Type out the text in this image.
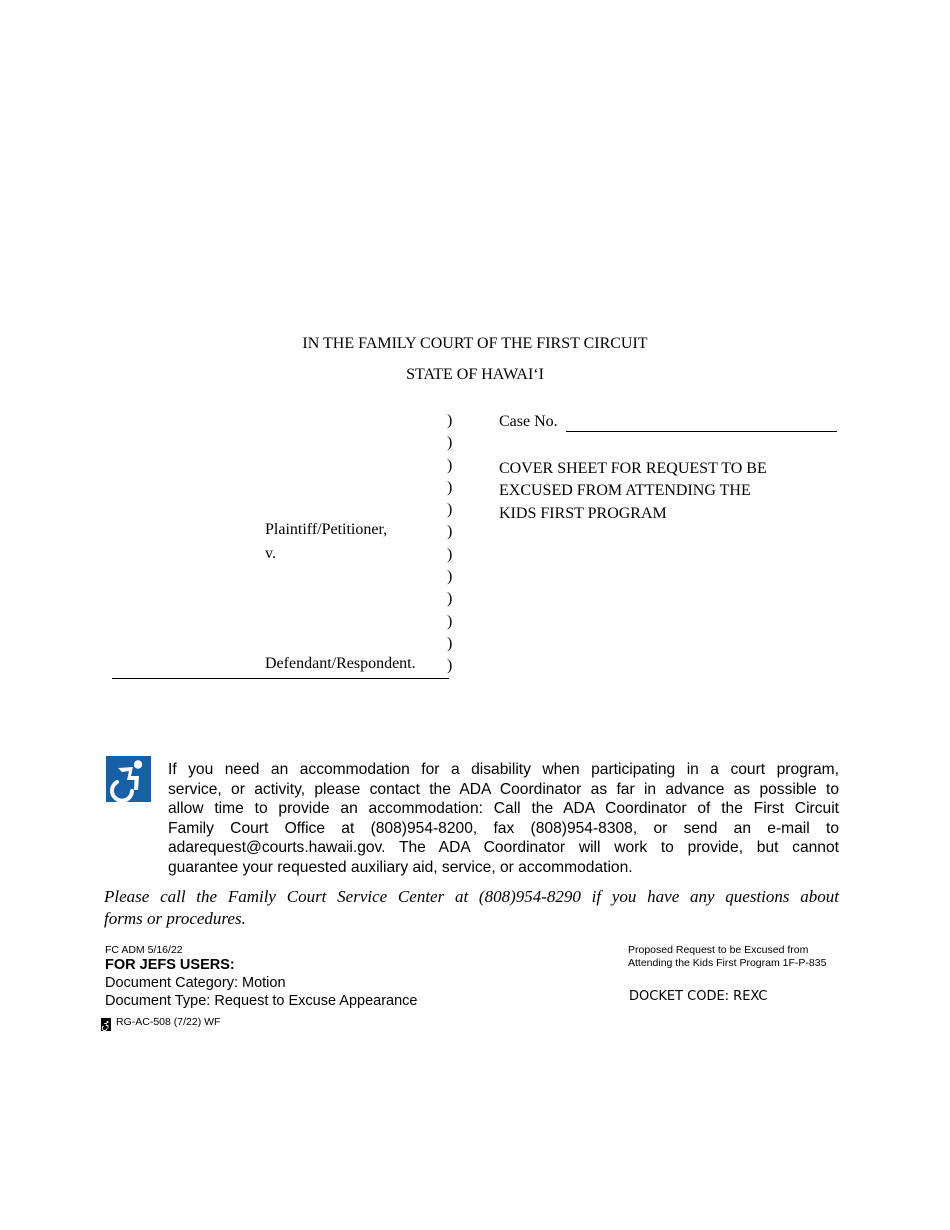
IN THE FAMILY COURT OF THE FIRST CIRCUIT
STATE OF HAWAI‘I
)
)
)
)
)
)
)
)
)
)
)
)
Plaintiff/Petitioner,
v.
Defendant/Respondent.
Case No.
COVER SHEET FOR REQUEST TO BE
EXCUSED FROM ATTENDING THE
KIDS FIRST PROGRAM
If you need an accommodation for a disability when participating in a court program,
service, or activity, please contact the ADA Coordinator as far in advance as possible to
allow time to provide an accommodation: Call the ADA Coordinator of the First Circuit
Family Court Office at (808)954-8200, fax (808)954-8308, or send an e-mail to
adarequest@courts.hawaii.gov. The ADA Coordinator will work to provide, but cannot
guarantee your requested auxiliary aid, service, or accommodation.
Please call the Family Court Service Center at (808)954-8290 if you have any questions about
forms or procedures.
FC ADM 5/16/22
FOR JEFS USERS:
Document Category: Motion
Document Type: Request to Excuse Appearance
RG-AC-508 (7/22) WF
Proposed Request to be Excused from
Attending the Kids First Program 1F-P-835
DOCKET CODE: REXC
